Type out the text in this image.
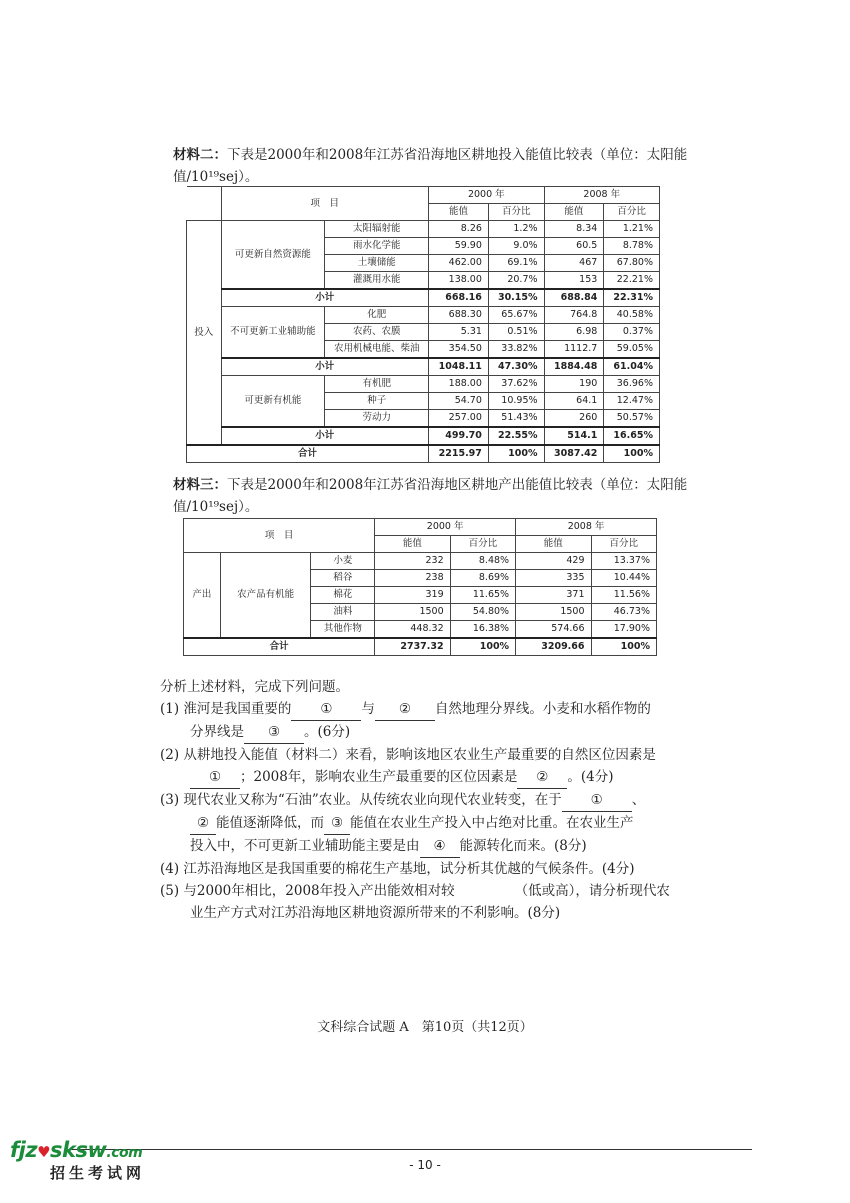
材料二：下表是2000年和2008年江苏省沿海地区耕地投入能值比较表（单位：太阳能值/10¹⁹sej）。
	项　目		2000 年		2008 年	
			能值	百分比	能值	百分比
投入	可更新自然资源能	太阳辐射能	8.26	1.2%	8.34	1.21%
		雨水化学能	59.90	9.0%	60.5	8.78%
		土壤储能	462.00	69.1%	467	67.80%
		灌溉用水能	138.00	20.7%	153	22.21%
	小计		668.16	30.15%	688.84	22.31%
	不可更新工业辅助能	化肥	688.30	65.67%	764.8	40.58%
		农药、农膜	5.31	0.51%	6.98	0.37%
		农用机械电能、柴油	354.50	33.82%	1112.7	59.05%
	小计		1048.11	47.30%	1884.48	61.04%
	可更新有机能	有机肥	188.00	37.62%	190	36.96%
		种子	54.70	10.95%	64.1	12.47%
		劳动力	257.00	51.43%	260	50.57%
	小计		499.70	22.55%	514.1	16.65%
合计			2215.97	100%	3087.42	100%
材料三：下表是2000年和2008年江苏省沿海地区耕地产出能值比较表（单位：太阳能值/10¹⁹sej）。
项　目			2000 年		2008 年	
			能值	百分比	能值	百分比
产出	农产品有机能	小麦	232	8.48%	429	13.37%
		稻谷	238	8.69%	335	10.44%
		棉花	319	11.65%	371	11.56%
		油料	1500	54.80%	1500	46.73%
		其他作物	448.32	16.38%	574.66	17.90%
合计			2737.32	100%	3209.66	100%
分析上述材料，完成下列问题。
(1) 淮河是我国重要的 ① 与 ② 自然地理分界线。小麦和水稻作物的
分界线是 ③ 。(6分)
(2) 从耕地投入能值（材料二）来看，影响该地区农业生产最重要的自然区位因素是
① ；2008年，影响农业生产最重要的区位因素是 ② 。(4分)
(3) 现代农业又称为“石油”农业。从传统农业向现代农业转变，在于 ① 、
② 能值逐渐降低，而 ③ 能值在农业生产投入中占绝对比重。在农业生产
投入中，不可更新工业辅助能主要是由 ④ 能源转化而来。(8分)
(4) 江苏沿海地区是我国重要的棉花生产基地，试分析其优越的气候条件。(4分)
(5) 与2000年相比，2008年投入产出能效相对较	（低或高），请分析现代农
业生产方式对江苏沿海地区耕地资源所带来的不利影响。(8分)
文科综合试题 A　第10页（共12页）
- 10 -
fjz♥sksw.com
招生考试网
